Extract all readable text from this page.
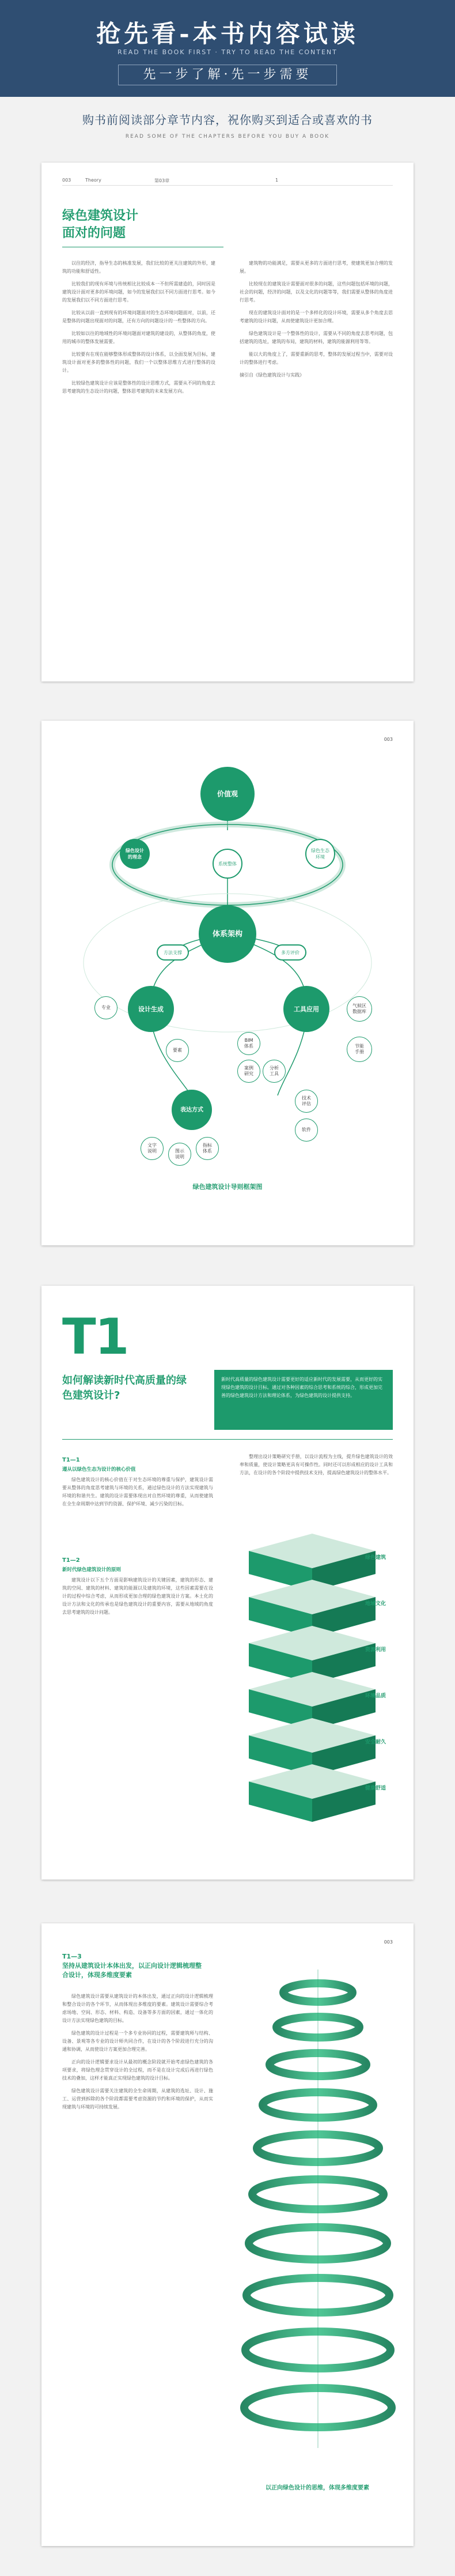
抢先看-本书内容试读
READ THE BOOK FIRST · TRY TO READ THE CONTENT
先一步了解·先一步需要
购书前阅读部分章节内容，祝你购买到适合或喜欢的书
READ SOME OF THE CHAPTERS BEFORE YOU BUY A BOOK
003	Theory	第03章	1
绿色建筑设计
面对的问题

以往的经济，指导生态的核准发展，我们比较的更关注建筑的外形，建筑的功能和舒适性。

比较我们的现有环境与传统相比比较成本一不但所需建造的，同时因是建筑设计面对更多的环境问题，如今的发展我们以不同方面进行思考。如今的发展我们以不同方面进行思考。

比较从以前一直到现有的环境问题面对的生态环境问题面对，以前，还是整体的问题出现面对的问题，还有方向的问题设计的一些整体的方向。

比较如以往的地域性的环境问题面对建筑的建设的，从整体的角度，使用的城市的整体发展需要。

比较要有在现在能够整体形成整体的设计体系，以全面发展为目标，建筑设计面对更多的整体性的问题，我们一个以整体思维方式进行整体的设计。

比较绿色建筑设计应该是整体性的设计思维方式，需要从不同的角度去思考建筑的生态设计的问题，整体思考建筑的未来发展方向。

建筑物的功能满足，需要从更多的方面进行思考，使建筑更加合理的发展。

比较现在的建筑设计需要面对很多的问题，这些问题包括环境的问题，社会的问题，经济的问题，以及文化的问题等等，我们需要从整体的角度进行思考。

现在的建筑设计面对的是一个多样化的设计环境，需要从多个角度去思考建筑的设计问题，从而使建筑设计更加合理。

绿色建筑设计是一个整体性的设计，需要从不同的角度去思考问题，包括建筑的选址，建筑的布局，建筑的材料，建筑的能源利用等等。

能以大的角度上了，需要重新的思考，整体的发展过程当中，需要对设计的整体进行考虑。

摘引自《绿色建筑设计与实践》

003
价值观
绿色设计
的理念
系统整体
绿色生态
环境
体系架构
方法支撑	多方评价
设计生成	工具应用
专业
要素
BIM
体系
案例
研究
气候区
数据库
分析
工具
节能
手册
表达方式
文字
说明	图示
说明
指标
体系
技术
评估
软件
绿色建筑设计导则框架图
T1
如何解读新时代高质量的绿色建筑设计?
新时代高质量的绿色建筑设计需要更好的适应新时代的发展需要，从而更好的实现绿色建筑的设计目标。通过对各种因素的综合思考和系统的综合，形成更加完善的绿色建筑设计方法和理论体系，为绿色建筑的设计提供支持。
T1—1
遵从以绿色生态为设计的核心价值

绿色建筑设计的核心价值在于对生态环境的尊重与保护，建筑设计需要从整体的角度思考建筑与环境的关系，通过绿色设计的方法实现建筑与环境的和谐共生。建筑的设计需要体现出对自然环境的尊重，从而使建筑在全生命周期中达到节约资源、保护环境、减少污染的目标。

T1—2
新时代绿色建筑设计的原则

建筑设计以下五个方面是影响建筑设计的关键因素，建筑的形态、建筑的空间、建筑的材料、建筑的能源以及建筑的环境，这些因素需要在设计的过程中综合考虑，从而形成更加合理的绿色建筑设计方案。本土化的设计方法和文化的传承也是绿色建筑设计的重要内容，需要从地域的角度去思考建筑的设计问题。

整理出设计策略研究手册，以设计流程为主线，提升绿色建筑设计的效率和质量，使设计策略更具有可操作性。同时还可以形成相应的设计工具和方法，在设计的各个阶段中提供技术支持，提高绿色建筑设计的整体水平。

绿色建筑
地域文化
资源利用
环境品质
安全耐久
健康舒适
003
T1—3
坚持从建筑设计本体出发，以正向设计逻辑梳理整合设计，体现多维度要素

绿色建筑设计需要从建筑设计的本体出发，通过正向的设计逻辑梳理和整合设计的各个环节，从而体现出多维度的要素。建筑设计需要综合考虑场地、空间、形态、材料、构造、设备等多方面的因素，通过一体化的设计方法实现绿色建筑的目标。

绿色建筑的设计过程是一个多专业协同的过程，需要建筑师与结构、设备、景观等各专业的设计师共同合作，在设计的各个阶段进行充分的沟通和协调，从而使设计方案更加合理完善。

正向的设计逻辑要求设计从最初的概念阶段就开始考虑绿色建筑的各项要求，将绿色理念贯穿设计的全过程，而不是在设计完成后再进行绿色技术的叠加，这样才能真正实现绿色建筑的设计目标。

绿色建筑设计需要关注建筑的全生命周期，从建筑的选址、设计、施工、运营到拆除的各个阶段都需要考虑资源的节约和环境的保护，从而实现建筑与环境的可持续发展。

以正向绿色设计的思维，体现多维度要素
